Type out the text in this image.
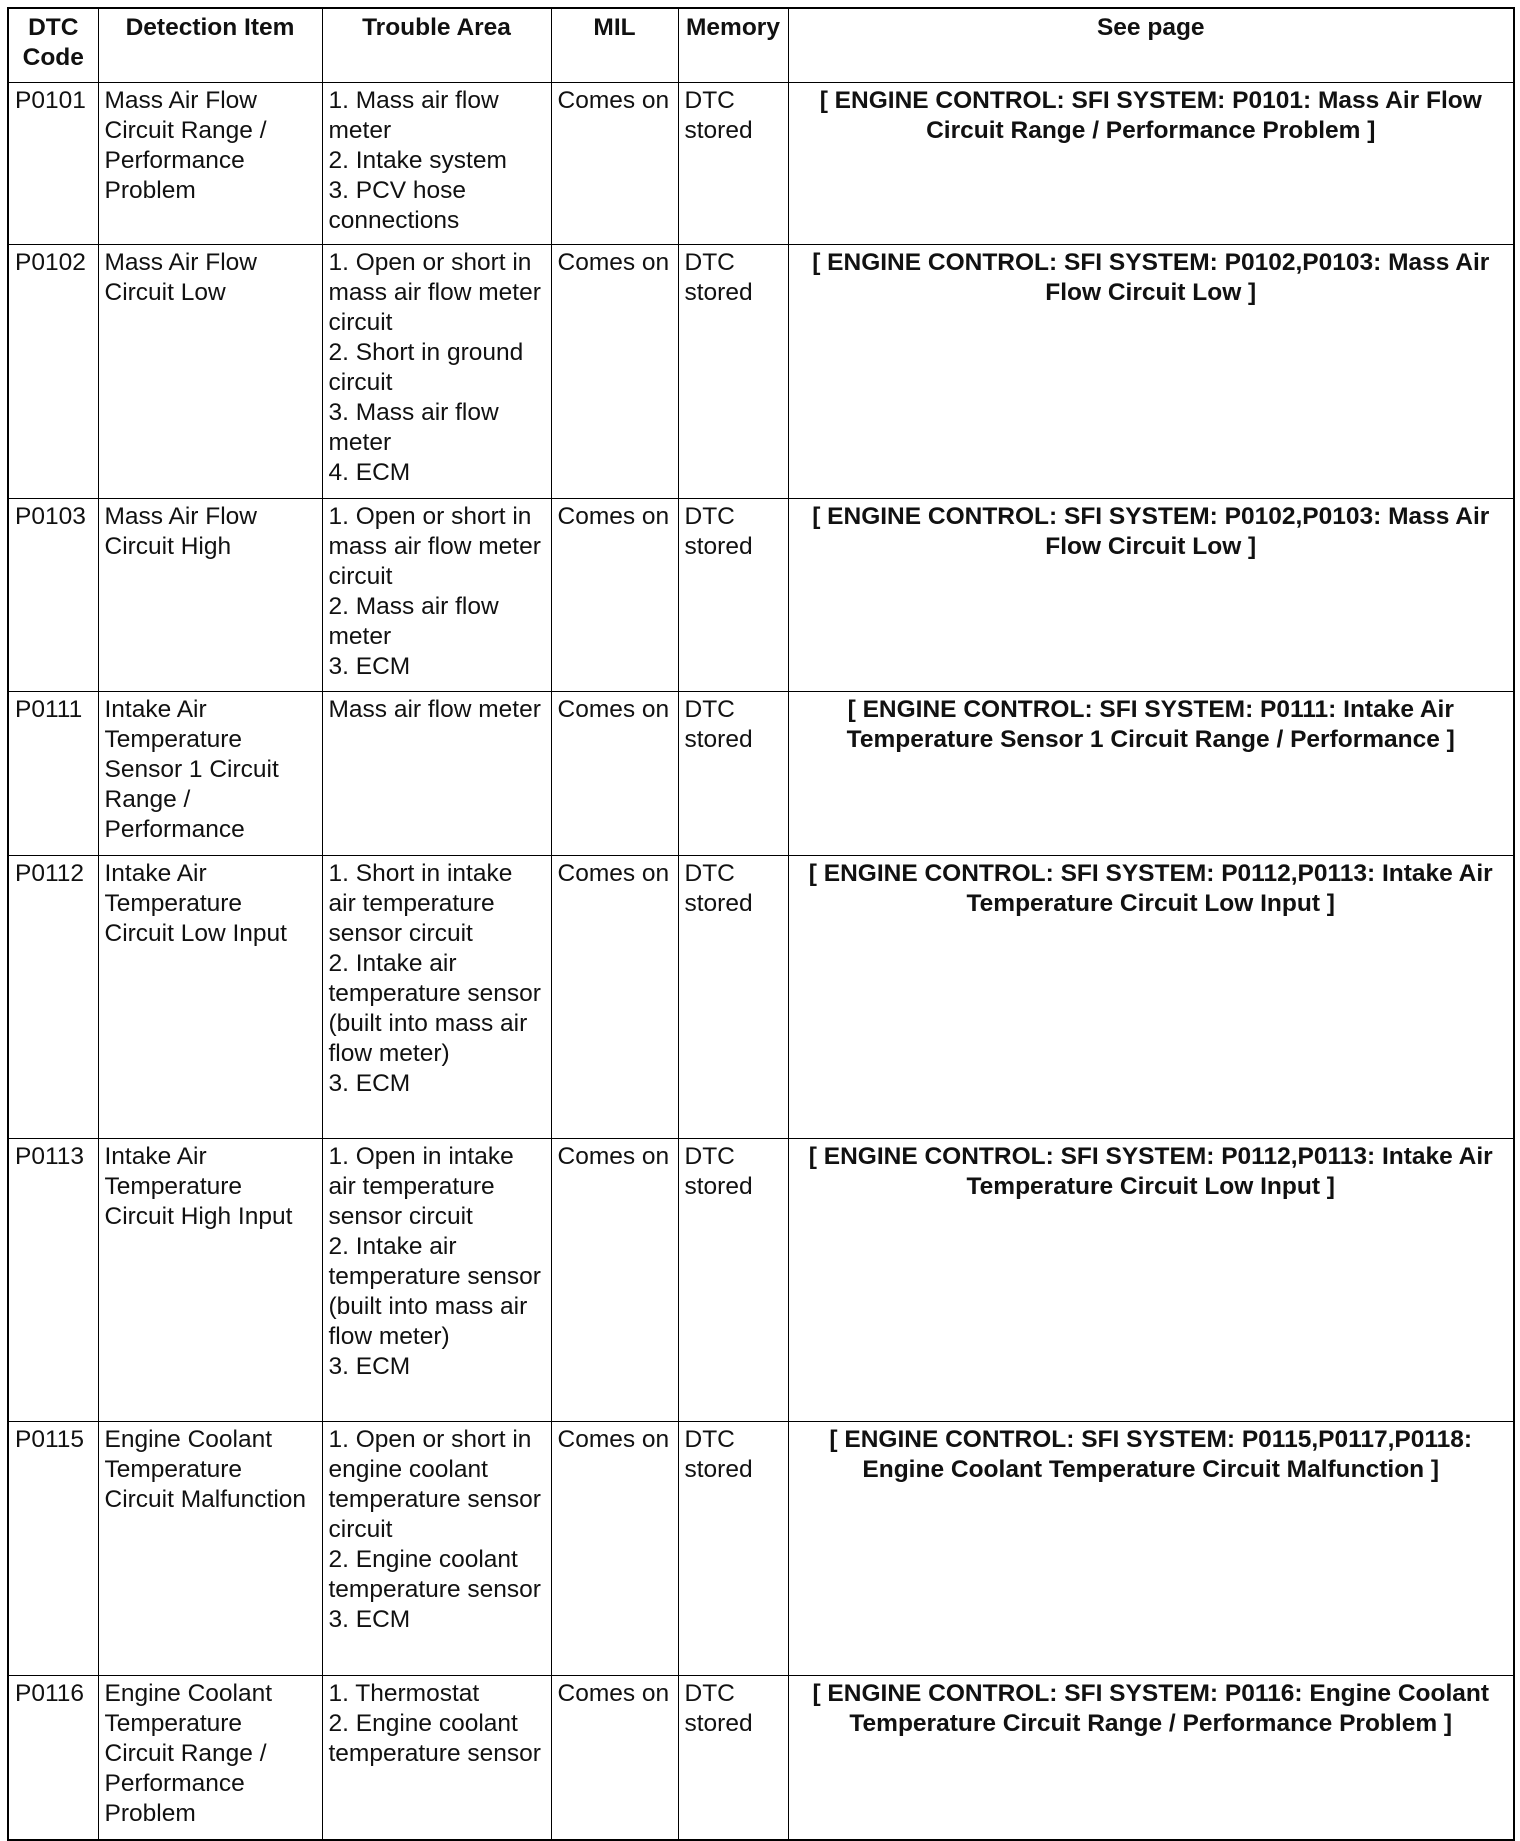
DTC Code	Detection Item	Trouble Area	MIL	Memory	See page
P0101	Mass Air Flow Circuit Range / Performance Problem	1. Mass air flow meter
2. Intake system
3. PCV hose connections	Comes on	DTC stored	[ ENGINE CONTROL: SFI SYSTEM: P0101: Mass Air Flow Circuit Range / Performance Problem ]
P0102	Mass Air Flow Circuit Low	1. Open or short in mass air flow meter circuit
2. Short in ground circuit
3. Mass air flow meter
4. ECM	Comes on	DTC stored	[ ENGINE CONTROL: SFI SYSTEM: P0102,P0103: Mass Air Flow Circuit Low ]
P0103	Mass Air Flow Circuit High	1. Open or short in mass air flow meter circuit
2. Mass air flow meter
3. ECM	Comes on	DTC stored	[ ENGINE CONTROL: SFI SYSTEM: P0102,P0103: Mass Air Flow Circuit Low ]
P0111	Intake Air Temperature Sensor 1 Circuit Range / Performance	Mass air flow meter	Comes on	DTC stored	[ ENGINE CONTROL: SFI SYSTEM: P0111: Intake Air Temperature Sensor 1 Circuit Range / Performance ]
P0112	Intake Air Temperature Circuit Low Input	1. Short in intake air temperature sensor circuit
2. Intake air temperature sensor (built into mass air flow meter)
3. ECM	Comes on	DTC stored	[ ENGINE CONTROL: SFI SYSTEM: P0112,P0113: Intake Air Temperature Circuit Low Input ]
P0113	Intake Air Temperature Circuit High Input	1. Open in intake air temperature sensor circuit
2. Intake air temperature sensor (built into mass air flow meter)
3. ECM	Comes on	DTC stored	[ ENGINE CONTROL: SFI SYSTEM: P0112,P0113: Intake Air Temperature Circuit Low Input ]
P0115	Engine Coolant Temperature Circuit Malfunction	1. Open or short in engine coolant temperature sensor circuit
2. Engine coolant temperature sensor
3. ECM	Comes on	DTC stored	[ ENGINE CONTROL: SFI SYSTEM: P0115,P0117,P0118: Engine Coolant Temperature Circuit Malfunction ]
P0116	Engine Coolant Temperature Circuit Range / Performance Problem	1. Thermostat
2. Engine coolant temperature sensor	Comes on	DTC stored	[ ENGINE CONTROL: SFI SYSTEM: P0116: Engine Coolant Temperature Circuit Range / Performance Problem ]
